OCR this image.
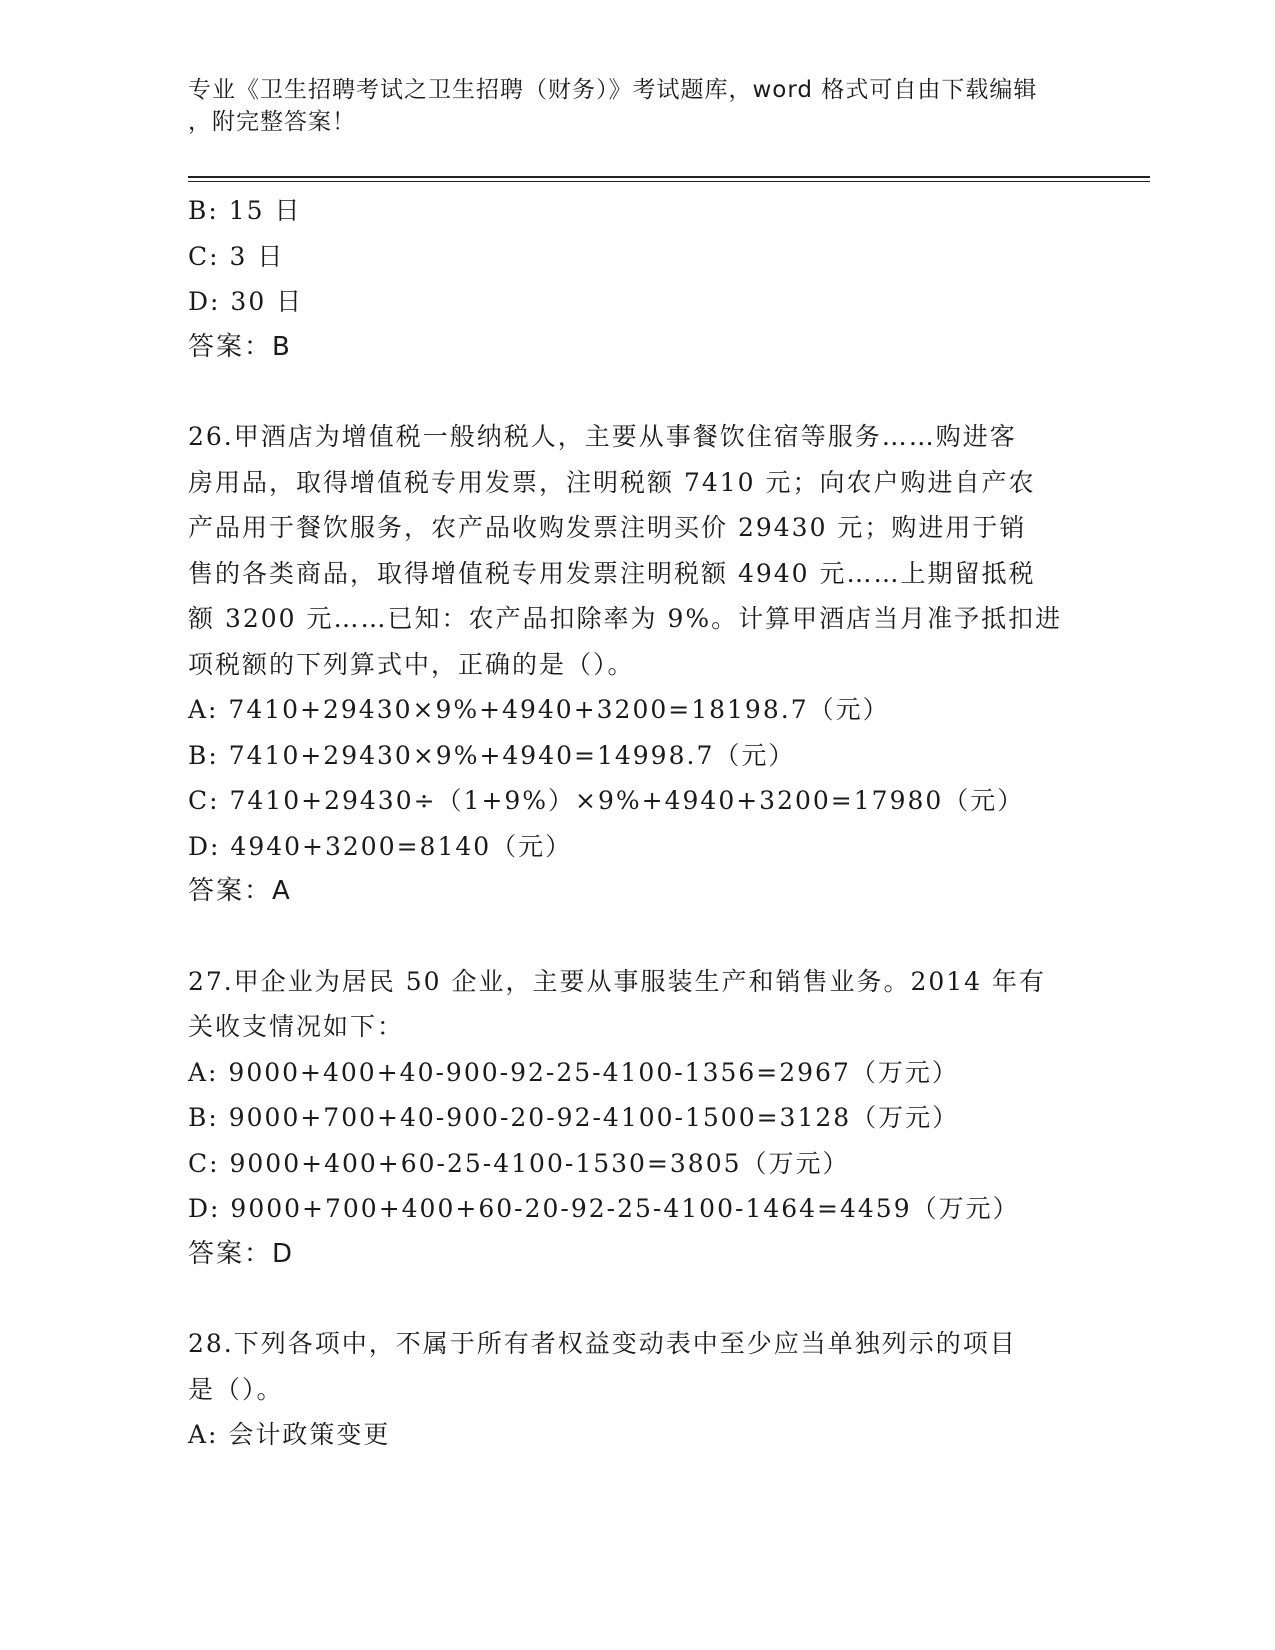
专业《卫生招聘考试之卫生招聘（财务）》考试题库，word 格式可自由下载编辑
，附完整答案！
B: 15 日
C: 3 日
D: 30 日
答案：B
26.甲酒店为增值税一般纳税人，主要从事餐饮住宿等服务……购进客
房用品，取得增值税专用发票，注明税额 7410 元；向农户购进自产农
产品用于餐饮服务，农产品收购发票注明买价 29430 元；购进用于销
售的各类商品，取得增值税专用发票注明税额 4940 元……上期留抵税
额 3200 元……已知：农产品扣除率为 9%。计算甲酒店当月准予抵扣进
项税额的下列算式中，正确的是（）。
A: 7410+29430×9%+4940+3200=18198.7（元）
B: 7410+29430×9%+4940=14998.7（元）
C: 7410+29430÷（1+9%）×9%+4940+3200=17980（元）
D: 4940+3200=8140（元）
答案：A
27.甲企业为居民 50 企业，主要从事服装生产和销售业务。2014 年有
关收支情况如下：
A: 9000+400+40-900-92-25-4100-1356=2967（万元）
B: 9000+700+40-900-20-92-4100-1500=3128（万元）
C: 9000+400+60-25-4100-1530=3805（万元）
D: 9000+700+400+60-20-92-25-4100-1464=4459（万元）
答案：D
28.下列各项中，不属于所有者权益变动表中至少应当单独列示的项目
是（）。
A: 会计政策变更
